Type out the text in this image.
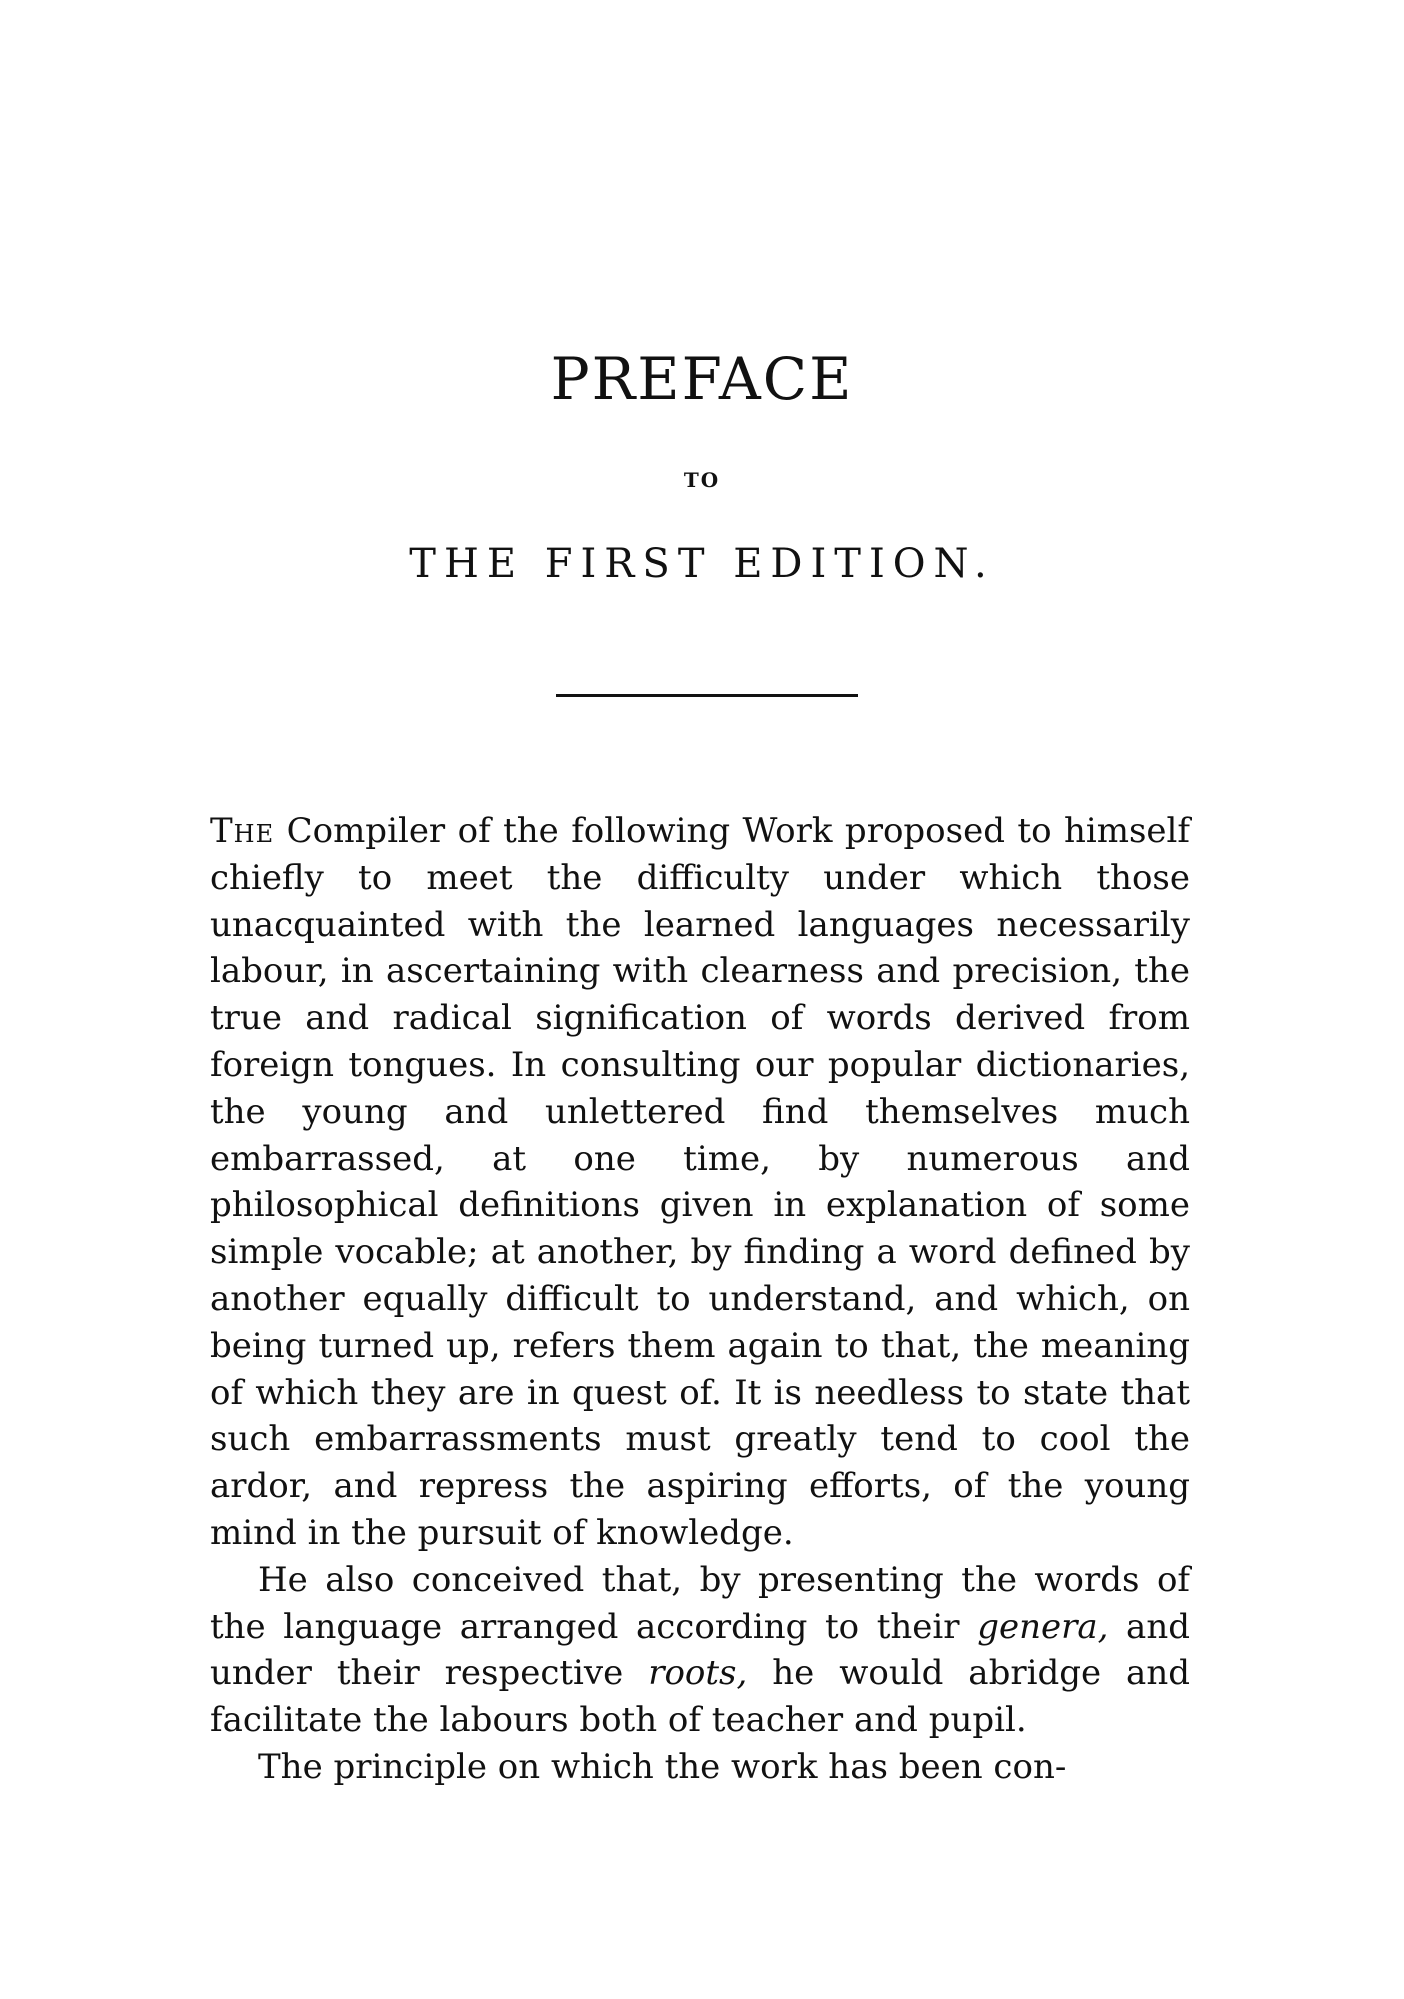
PREFACE
TO
THE FIRST EDITION.

The Compiler of the following Work proposed to himself chiefly to meet the difficulty under which those unacquainted with the learned languages necessarily labour, in ascertaining with clearness and precision, the true and radical signification of words derived from foreign tongues. In consulting our popular dictionaries, the young and unlettered find themselves much embarrassed, at one time, by numerous and philosophical definitions given in explanation of some simple vocable; at another, by finding a word defined by another equally difficult to understand, and which, on being turned up, refers them again to that, the meaning of which they are in quest of. It is needless to state that such embarrassments must greatly tend to cool the ardor, and repress the aspiring efforts, of the young mind in the pursuit of knowledge.

He also conceived that, by presenting the words of the language arranged according to their genera, and under their respective roots, he would abridge and facilitate the labours both of teacher and pupil.

The principle on which the work has been con-
